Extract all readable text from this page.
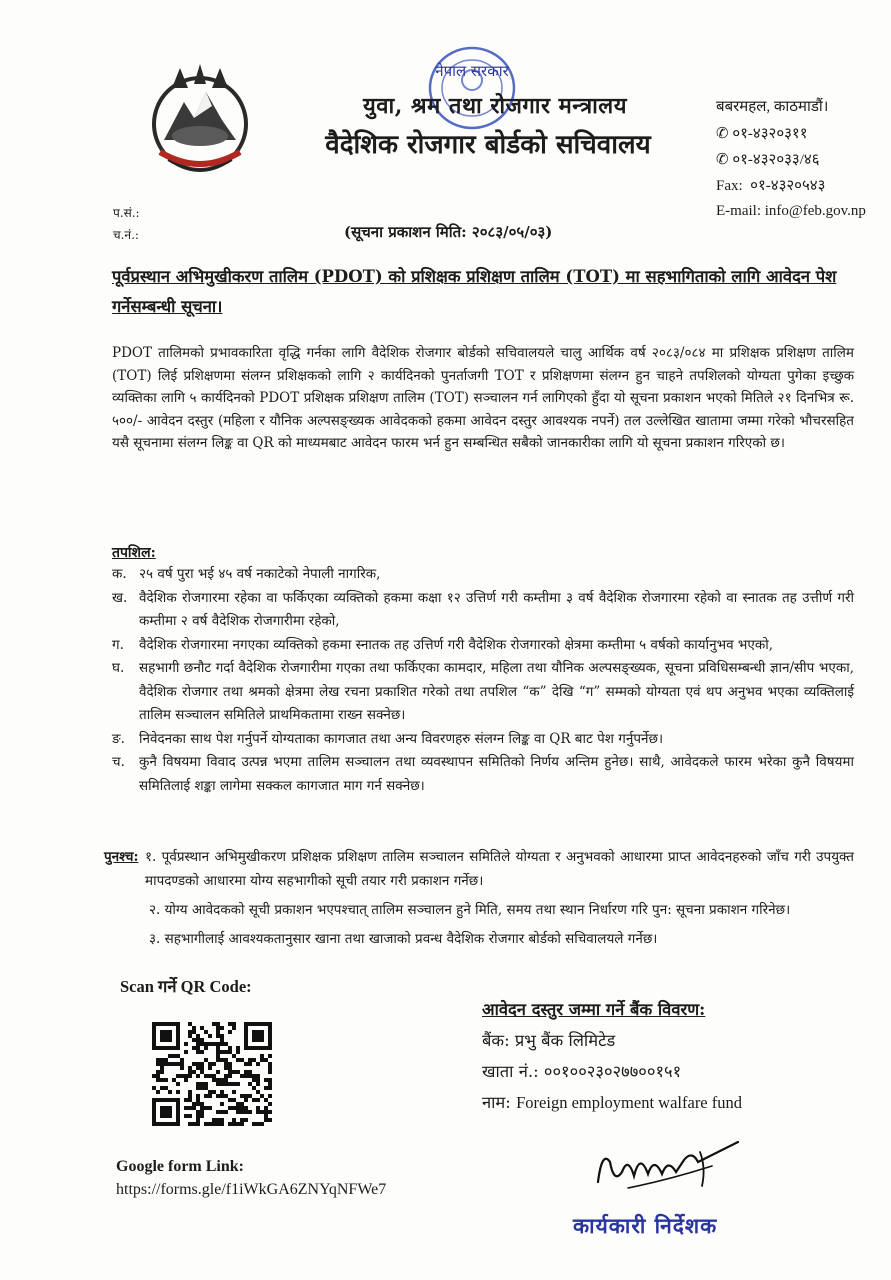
नेपाल सरकार
युवा, श्रम तथा रोजगार मन्त्रालय
वैदेशिक रोजगार बोर्डको सचिवालय
बबरमहल, काठमाडौं।
✆ ०१-४३२०३११
✆ ०१-४३२०३३/४६
Fax: ०१-४३२०५४३
E-mail: info@feb.gov.np
प.सं.:
च.नं.:	(सूचना प्रकाशन मिति: २०८३/०५/०३)
पूर्वप्रस्थान अभिमुखीकरण तालिम (PDOT) को प्रशिक्षक प्रशिक्षण तालिम (TOT) मा सहभागिताको लागि आवेदन पेश गर्नेसम्बन्धी सूचना।
PDOT तालिमको प्रभावकारिता वृद्धि गर्नका लागि वैदेशिक रोजगार बोर्डको सचिवालयले चालु आर्थिक वर्ष २०८३/०८४ मा प्रशिक्षक प्रशिक्षण तालिम (TOT) लिई प्रशिक्षणमा संलग्न प्रशिक्षकको लागि २ कार्यदिनको पुनर्ताजगी TOT र प्रशिक्षणमा संलग्न हुन चाहने तपशिलको योग्यता पुगेका इच्छुक व्यक्तिका लागि ५ कार्यदिनको PDOT प्रशिक्षक प्रशिक्षण तालिम (TOT) सञ्चालन गर्न लागिएको हुँदा यो सूचना प्रकाशन भएको मितिले २१ दिनभित्र रू. ५००/- आवेदन दस्तुर (महिला र यौनिक अल्पसङ्ख्यक आवेदकको हकमा आवेदन दस्तुर आवश्यक नपर्ने) तल उल्लेखित खातामा जम्मा गरेको भौचरसहित यसै सूचनामा संलग्न लिङ्क वा QR को माध्यमबाट आवेदन फारम भर्न हुन सम्बन्धित सबैको जानकारीका लागि यो सूचना प्रकाशन गरिएको छ।
तपशिल:
क. २५ वर्ष पुरा भई ४५ वर्ष नकाटेको नेपाली नागरिक,
ख. वैदेशिक रोजगारमा रहेका वा फर्किएका व्यक्तिको हकमा कक्षा १२ उत्तिर्ण गरी कम्तीमा ३ वर्ष वैदेशिक रोजगारमा रहेको वा स्नातक तह उत्तीर्ण गरी कम्तीमा २ वर्ष वैदेशिक रोजगारीमा रहेको,
ग.	वैदेशिक रोजगारमा नगएका व्यक्तिको हकमा स्नातक तह उत्तिर्ण गरी वैदेशिक रोजगारको क्षेत्रमा कम्तीमा ५ वर्षको कार्यानुभव भएको,
घ.	सहभागी छनौट गर्दा वैदेशिक रोजगारीमा गएका तथा फर्किएका कामदार, महिला तथा यौनिक अल्पसङ्ख्यक, सूचना प्रविधिसम्बन्धी ज्ञान/सीप भएका, वैदेशिक रोजगार तथा श्रमको क्षेत्रमा लेख रचना प्रकाशित गरेको तथा तपशिल “क” देखि “ग” सम्मको योग्यता एवं थप अनुभव भएका व्यक्तिलाई तालिम सञ्चालन समितिले प्राथमिकतामा राख्न सक्नेछ।
ङ.	निवेदनका साथ पेश गर्नुपर्ने योग्यताका कागजात तथा अन्य विवरणहरु संलग्न लिङ्क वा QR बाट पेश गर्नुपर्नेछ।
च.	कुनै विषयमा विवाद उत्पन्न भएमा तालिम सञ्चालन तथा व्यवस्थापन समितिको निर्णय अन्तिम हुनेछ। साथै, आवेदकले फारम भरेका कुनै विषयमा समितिलाई शङ्का लागेमा सक्कल कागजात माग गर्न सक्नेछ।
पुनश्च: १. पूर्वप्रस्थान अभिमुखीकरण प्रशिक्षक प्रशिक्षण तालिम सञ्चालन समितिले योग्यता र अनुभवको आधारमा प्राप्त आवेदनहरुको जाँच गरी उपयुक्त मापदण्डको आधारमा योग्य सहभागीको सूची तयार गरी प्रकाशन गर्नेछ।
२. योग्य आवेदकको सूची प्रकाशन भएपश्चात् तालिम सञ्चालन हुने मिति, समय तथा स्थान निर्धारण गरि पुन: सूचना प्रकाशन गरिनेछ।
३. सहभागीलाई आवश्यकतानुसार खाना तथा खाजाको प्रवन्ध वैदेशिक रोजगार बोर्डको सचिवालयले गर्नेछ।
Scan गर्ने QR Code:
आवेदन दस्तुर जम्मा गर्ने बैंक विवरण:
बैंक: प्रभु बैंक लिमिटेड
खाता नं.: ००१००२३०२७७००१५१
नाम: Foreign employment walfare fund
Google form Link:
https://forms.gle/f1iWkGA6ZNYqNFWe7
कार्यकारी निर्देशक
